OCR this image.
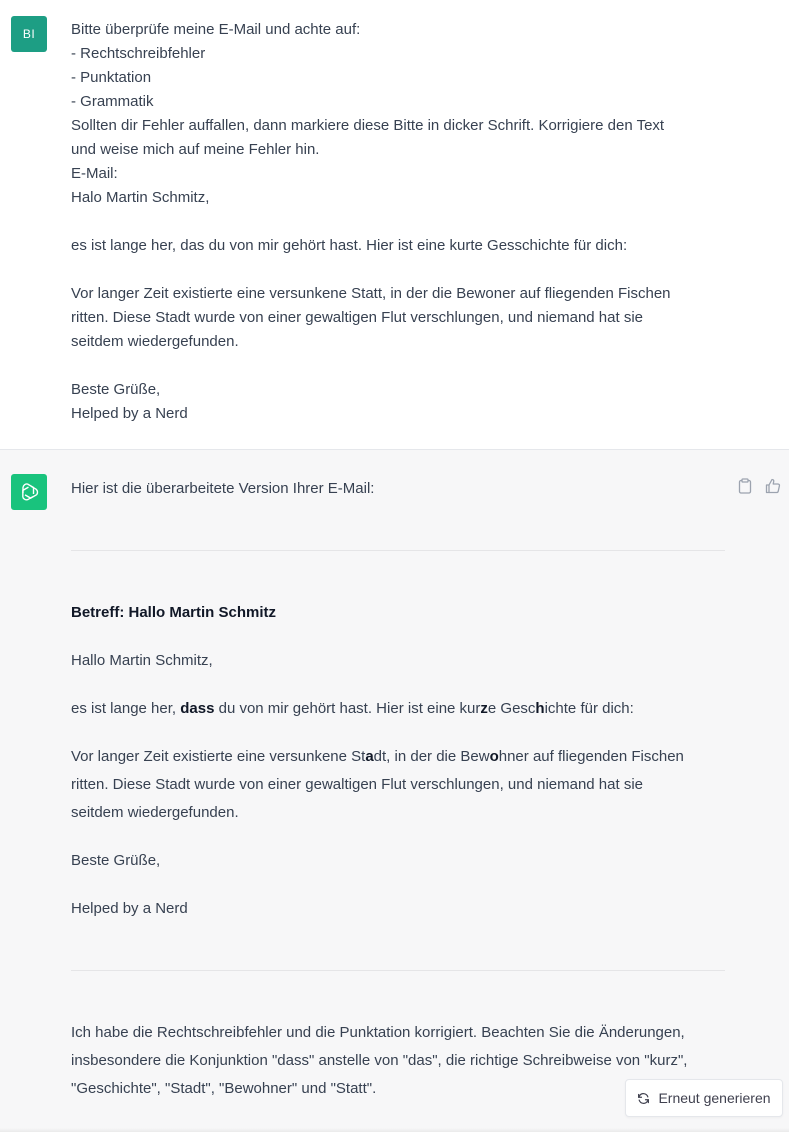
BI	Bitte überprüfe meine E-Mail und achte auf:
- Rechtschreibfehler
- Punktation
- Grammatik
Sollten dir Fehler auffallen, dann markiere diese Bitte in dicker Schrift. Korrigiere den Text
und weise mich auf meine Fehler hin.
E-Mail:
Halo Martin Schmitz,
es ist lange her, das du von mir gehört hast. Hier ist eine kurte Gesschichte für dich:
Vor langer Zeit existierte eine versunkene Statt, in der die Bewoner auf fliegenden Fischen
ritten. Diese Stadt wurde von einer gewaltigen Flut verschlungen, und niemand hat sie
seitdem wiedergefunden.
Beste Grüße,
Helped by a Nerd
Hier ist die überarbeitete Version Ihrer E-Mail:
Betreff: Hallo Martin Schmitz
Hallo Martin Schmitz,
es ist lange her, dass du von mir gehört hast. Hier ist eine kurze Geschichte für dich:
Vor langer Zeit existierte eine versunkene Stadt, in der die Bewohner auf fliegenden Fischen
ritten. Diese Stadt wurde von einer gewaltigen Flut verschlungen, und niemand hat sie
seitdem wiedergefunden.
Beste Grüße,
Helped by a Nerd
Ich habe die Rechtschreibfehler und die Punktation korrigiert. Beachten Sie die Änderungen,
insbesondere die Konjunktion "dass" anstelle von "das", die richtige Schreibweise von "kurz",
"Geschichte", "Stadt", "Bewohner" und "Statt".
Erneut generieren
